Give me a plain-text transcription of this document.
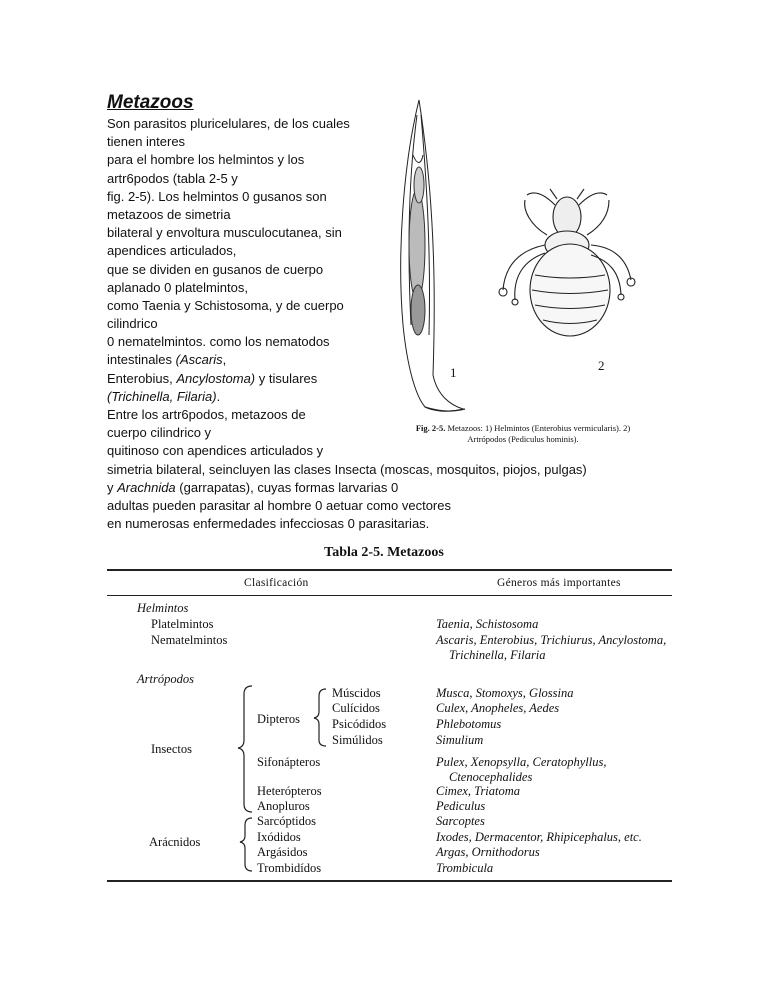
Metazoos
Son parasitos pluricelulares, de los cuales
tienen interes
para el hombre los helmintos y los
artr6podos (tabla 2-5 y
fig. 2-5). Los helmintos 0 gusanos son
metazoos de simetria
bilateral y envoltura musculocutanea, sin
apendices articulados,
que se dividen en gusanos de cuerpo
aplanado 0 platelmintos,
como Taenia y Schistosoma, y de cuerpo
cilindrico
0 nematelmintos. como los nematodos
intestinales (Ascaris,
Enterobius, Ancylostoma) y tisulares
(Trichinella, Filaria).
Entre los artr6podos, metazoos de
cuerpo cilindrico y
quitinoso con apendices articulados y
simetria bilateral, seincluyen las clases Insecta (moscas, mosquitos, piojos, pulgas)
y Arachnida (garrapatas), cuyas formas larvarias 0
adultas pueden parasitar al hombre 0 aetuar como vectores
en numerosas enfermedades infecciosas 0 parasitarias.
1	2
Fig. 2-5. Metazoos: 1) Helmintos (Enterobius vermicularis). 2)
Artrópodos (Pediculus hominis).
Tabla 2-5. Metazoos
Clasificación	Géneros más importantes
Helmintos
Platelmintos
Nematelmintos
Artrópodos
Insectos
Dipteros
Arácnidos
Múscidos
Culícidos
Psicódidos
Simúlidos
Sifonápteros
Heterópteros
Anopluros
Sarcóptidos
Ixódidos
Argásidos
Trombidídos
Taenia, Schistosoma
Ascaris, Enterobius, Trichiurus, Ancylostoma,
Trichinella, Filaria
Musca, Stomoxys, Glossina
Culex, Anopheles, Aedes
Phlebotomus
Simulium
Pulex, Xenopsylla, Ceratophyllus,
Ctenocephalides
Cimex, Triatoma
Pediculus
Sarcoptes
Ixodes, Dermacentor, Rhipicephalus, etc.
Argas, Ornithodorus
Trombicula
